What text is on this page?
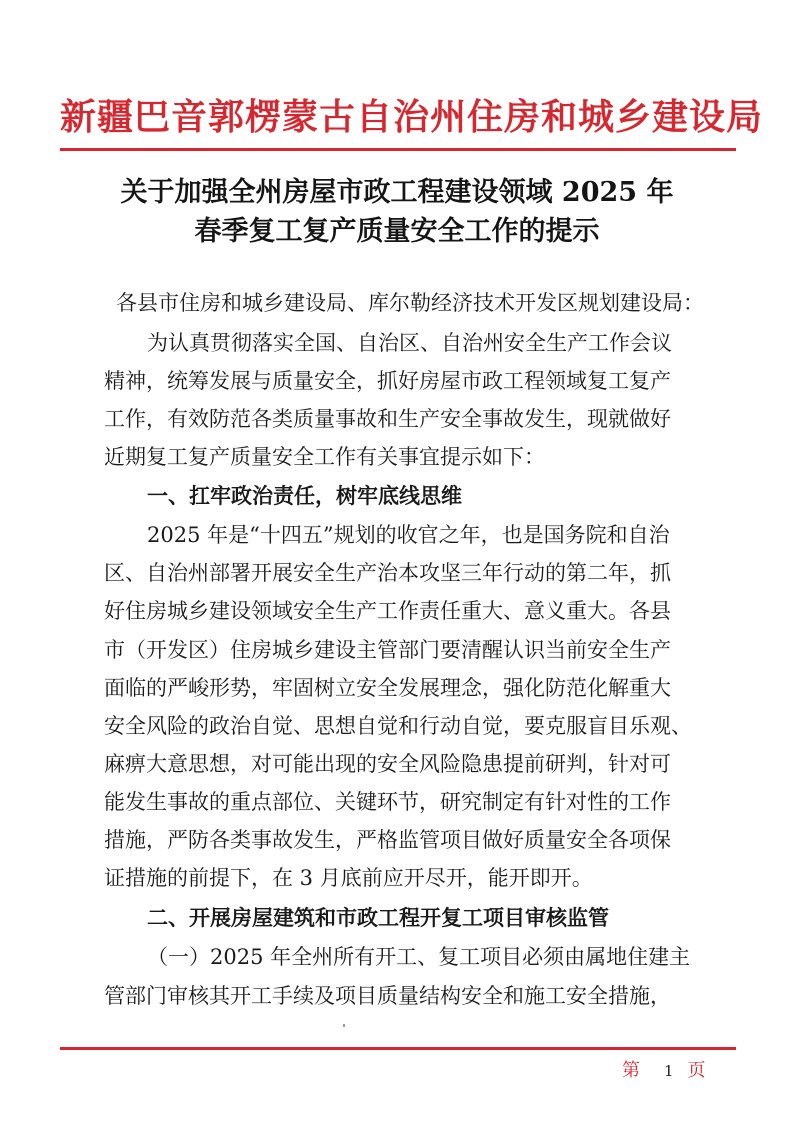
新疆巴音郭楞蒙古自治州住房和城乡建设局
关于加强全州房屋市政工程建设领域 2025 年
春季复工复产质量安全工作的提示
各县市住房和城乡建设局、库尔勒经济技术开发区规划建设局：
为认真贯彻落实全国、自治区、自治州安全生产工作会议
精神，统筹发展与质量安全，抓好房屋市政工程领域复工复产
工作，有效防范各类质量事故和生产安全事故发生，现就做好
近期复工复产质量安全工作有关事宜提示如下：
一、扛牢政治责任，树牢底线思维
2025 年是“十四五”规划的收官之年，也是国务院和自治
区、自治州部署开展安全生产治本攻坚三年行动的第二年，抓
好住房城乡建设领域安全生产工作责任重大、意义重大。各县
市（开发区）住房城乡建设主管部门要清醒认识当前安全生产
面临的严峻形势，牢固树立安全发展理念，强化防范化解重大
安全风险的政治自觉、思想自觉和行动自觉，要克服盲目乐观、
麻痹大意思想，对可能出现的安全风险隐患提前研判，针对可
能发生事故的重点部位、关键环节，研究制定有针对性的工作
措施，严防各类事故发生，严格监管项目做好质量安全各项保
证措施的前提下，在 3 月底前应开尽开，能开即开。
二、开展房屋建筑和市政工程开复工项目审核监管
（一）2025 年全州所有开工、复工项目必须由属地住建主
管部门审核其开工手续及项目质量结构安全和施工安全措施，
第 1 页
